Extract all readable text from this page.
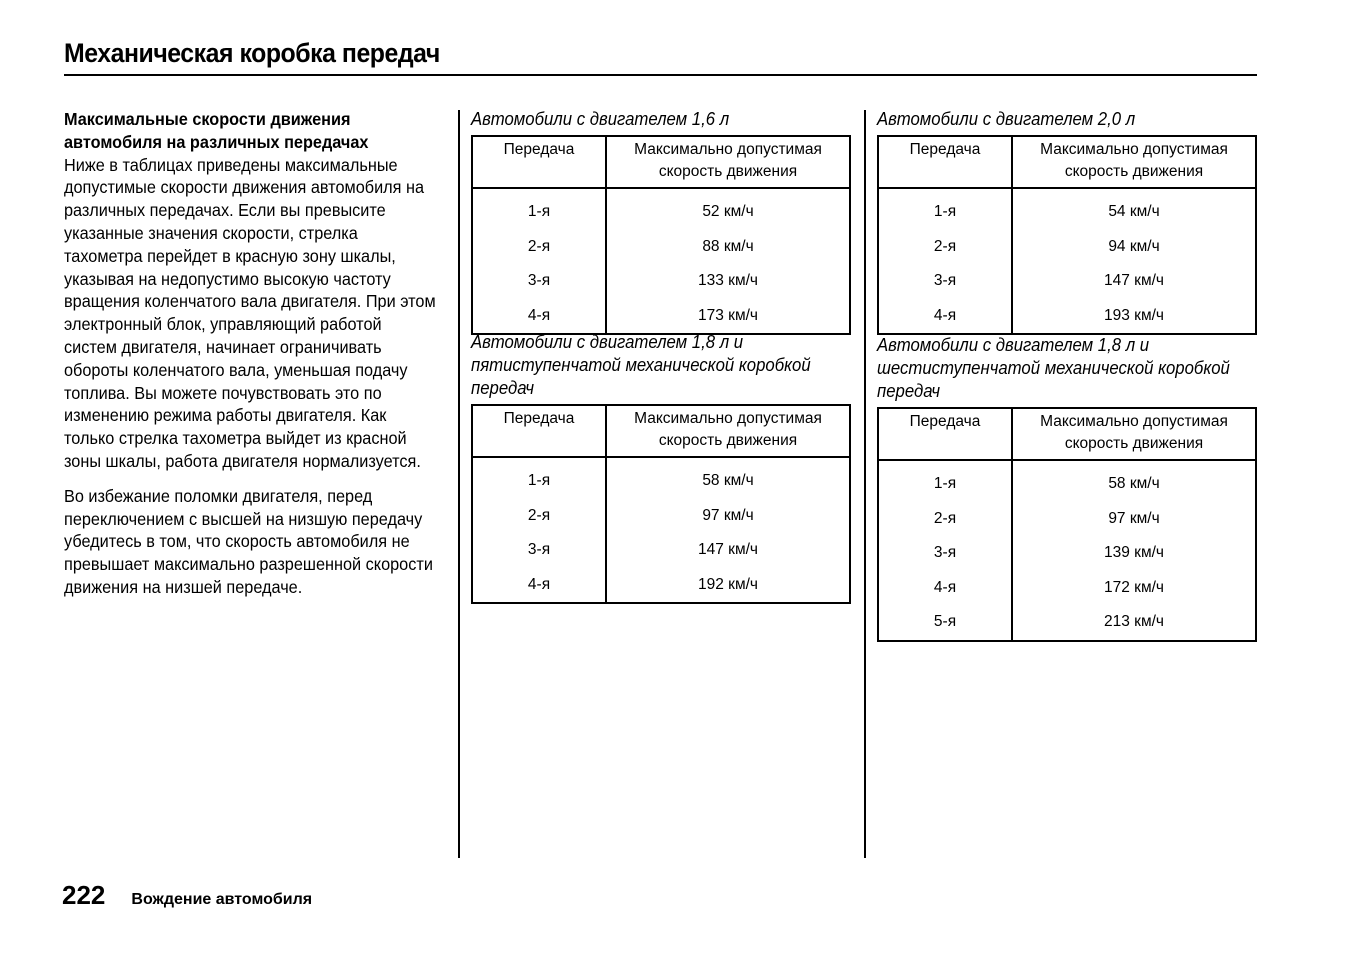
Механическая коробка передач
Максимальные скорости движения
автомобиля на различных передачах

Ниже в таблицах приведены максимальные допустимые скорости движения автомобиля на различных передачах. Если вы превысите указанные значения скорости, стрелка тахометра перейдет в красную зону шкалы, указывая на недопустимо высокую частоту вращения коленчатого вала двигателя. При этом электронный блок, управляющий работой систем двигателя, начинает ограничивать обороты коленчатого вала, уменьшая подачу топлива. Вы можете почувствовать это по изменению режима работы двигателя. Как только стрелка тахометра выйдет из красной зоны шкалы, работа двигателя нормализуется.

Во избежание поломки двигателя, перед переключением с высшей на низшую передачу убедитесь в том, что скорость автомобиля не превышает максимально разрешенной скорости движения на низшей передаче.

Автомобили с двигателем 1,6 л
Передача	Максимально допустимая
скорость движения
1-я	52 км/ч
2-я	88 км/ч
3-я	133 км/ч
4-я	173 км/ч
Автомобили с двигателем 1,8 л и
пятиступенчатой механической коробкой
передач
Передача	Максимально допустимая
скорость движения
1-я	58 км/ч
2-я	97 км/ч
3-я	147 км/ч
4-я	192 км/ч
Автомобили с двигателем 2,0 л
Передача	Максимально допустимая
скорость движения
1-я	54 км/ч
2-я	94 км/ч
3-я	147 км/ч
4-я	193 км/ч
Автомобили с двигателем 1,8 л и
шестиступенчатой механической коробкой
передач
Передача	Максимально допустимая
скорость движения
1-я	58 км/ч
2-я	97 км/ч
3-я	139 км/ч
4-я	172 км/ч
5-я	213 км/ч
222 Вождение автомобиля
